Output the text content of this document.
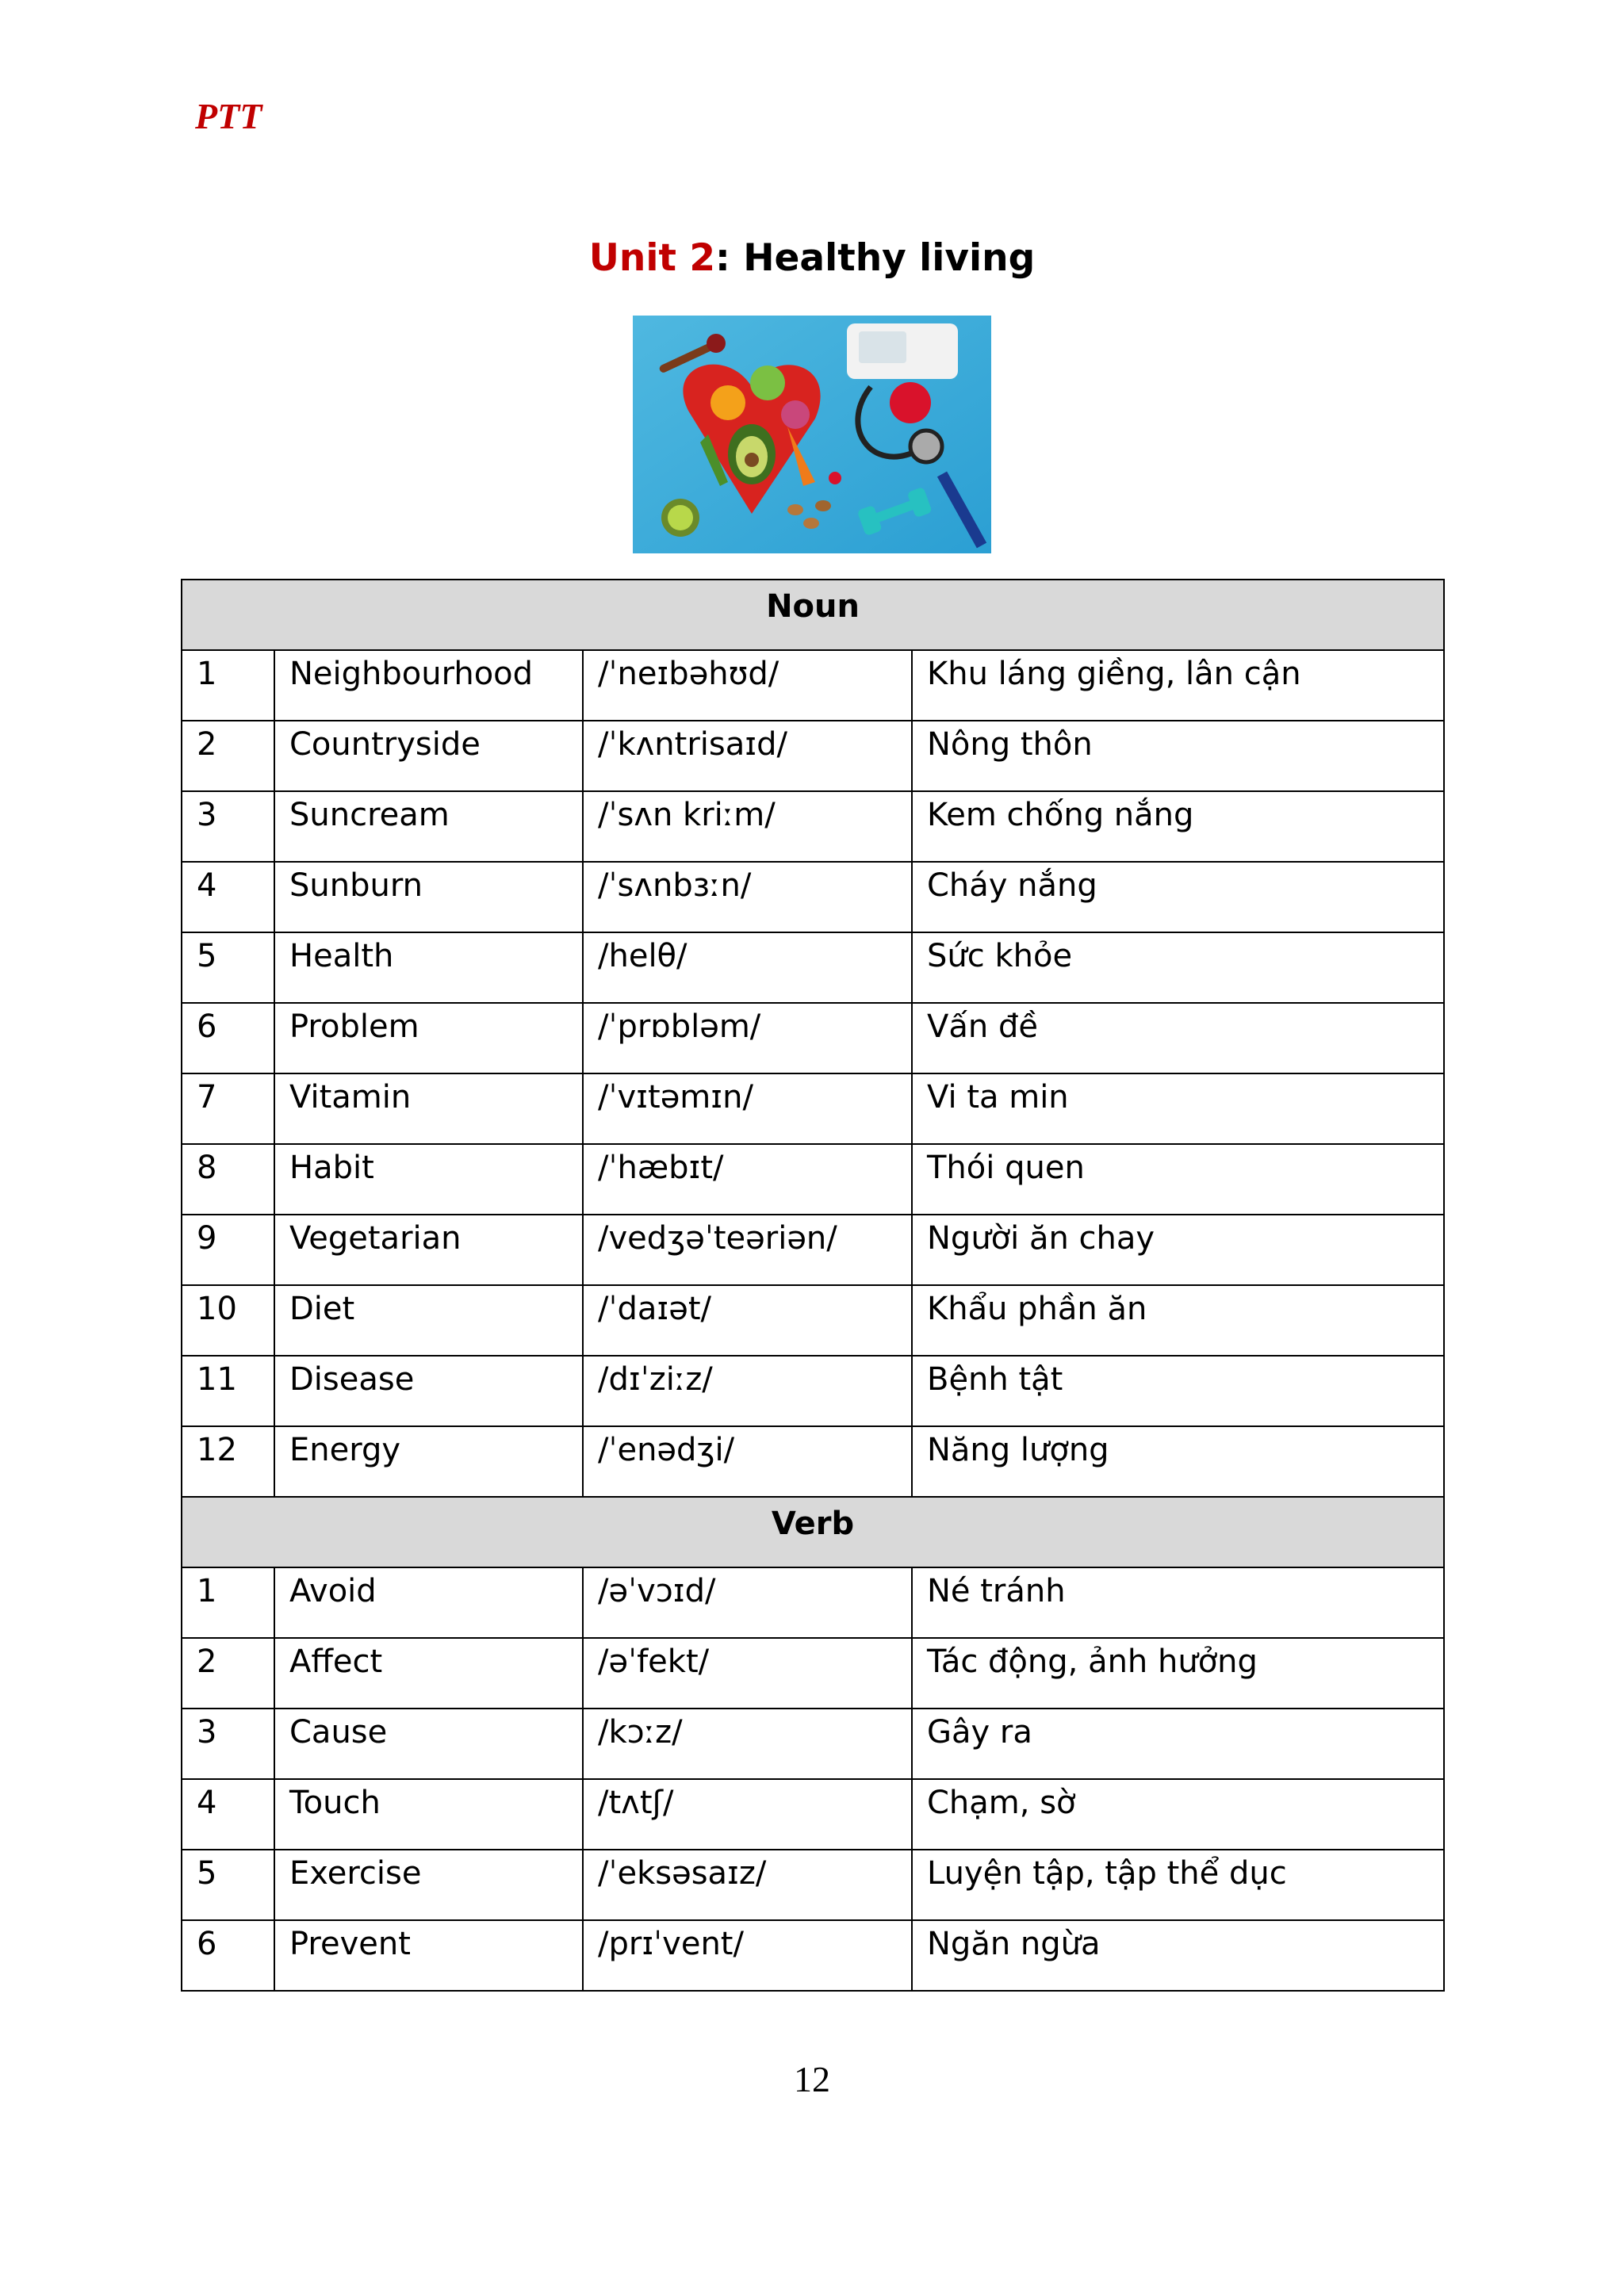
PTT
Unit 2: Healthy living
Noun			
1	Neighbourhood	/ˈneɪbəhʊd/	Khu láng giềng, lân cận
2	Countryside	/ˈkʌntrisaɪd/	Nông thôn
3	Suncream	/ˈsʌn kriːm/	Kem chống nắng
4	Sunburn	/ˈsʌnbɜːn/	Cháy nắng
5	Health	/helθ/	Sức khỏe
6	Problem	/ˈprɒbləm/	Vấn đề
7	Vitamin	/ˈvɪtəmɪn/	Vi ta min
8	Habit	/ˈhæbɪt/	Thói quen
9	Vegetarian	/vedʒəˈteəriən/	Người ăn chay
10	Diet	/ˈdaɪət/	Khẩu phần ăn
11	Disease	/dɪˈziːz/	Bệnh tật
12	Energy	/ˈenədʒi/	Năng lượng
Verb			
1	Avoid	/əˈvɔɪd/	Né tránh
2	Affect	/əˈfekt/	Tác động, ảnh hưởng
3	Cause	/kɔːz/	Gây ra
4	Touch	/tʌtʃ/	Chạm, sờ
5	Exercise	/ˈeksəsaɪz/	Luyện tập, tập thể dục
6	Prevent	/prɪˈvent/	Ngăn ngừa
12
